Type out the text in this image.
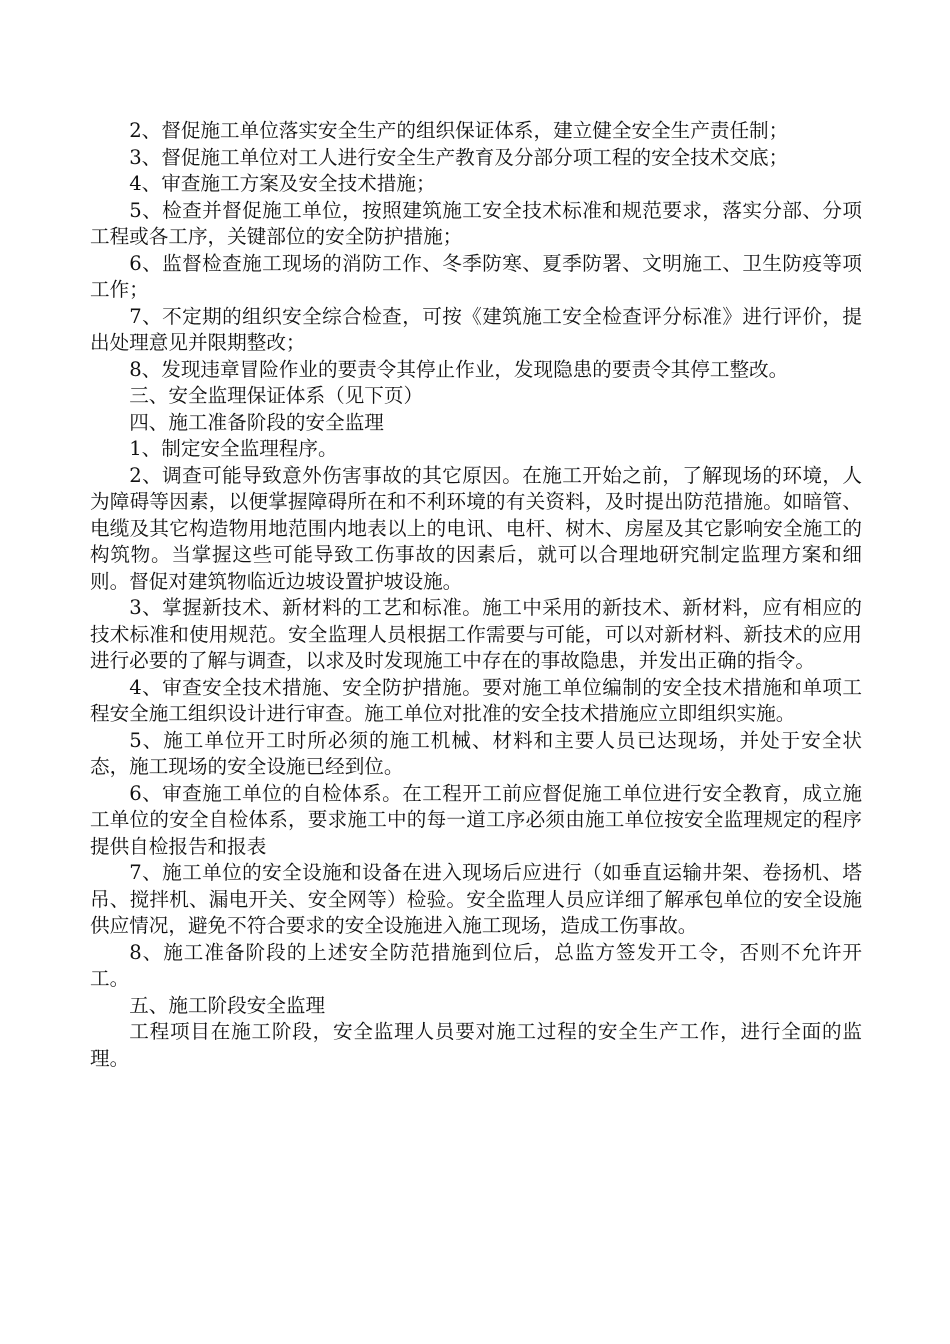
2、督促施工单位落实安全生产的组织保证体系，建立健全安全生产责任制；

3、督促施工单位对工人进行安全生产教育及分部分项工程的安全技术交底；

4、审查施工方案及安全技术措施；

5、检查并督促施工单位，按照建筑施工安全技术标准和规范要求，落实分部、分项工程或各工序，关键部位的安全防护措施；

6、监督检查施工现场的消防工作、冬季防寒、夏季防署、文明施工、卫生防疫等项工作；

7、不定期的组织安全综合检查，可按《建筑施工安全检查评分标准》进行评价，提出处理意见并限期整改；

8、发现违章冒险作业的要责令其停止作业，发现隐患的要责令其停工整改。

三、安全监理保证体系（见下页）

四、施工准备阶段的安全监理

1、制定安全监理程序。

2、调查可能导致意外伤害事故的其它原因。在施工开始之前，了解现场的环境，人为障碍等因素，以便掌握障碍所在和不利环境的有关资料，及时提出防范措施。如暗管、电缆及其它构造物用地范围内地表以上的电讯、电杆、树木、房屋及其它影响安全施工的构筑物。当掌握这些可能导致工伤事故的因素后，就可以合理地研究制定监理方案和细则。督促对建筑物临近边坡设置护坡设施。

3、掌握新技术、新材料的工艺和标准。施工中采用的新技术、新材料，应有相应的技术标准和使用规范。安全监理人员根据工作需要与可能，可以对新材料、新技术的应用进行必要的了解与调查，以求及时发现施工中存在的事故隐患，并发出正确的指令。

4、审查安全技术措施、安全防护措施。要对施工单位编制的安全技术措施和单项工程安全施工组织设计进行审查。施工单位对批准的安全技术措施应立即组织实施。

5、施工单位开工时所必须的施工机械、材料和主要人员已达现场，并处于安全状态，施工现场的安全设施已经到位。

6、审查施工单位的自检体系。在工程开工前应督促施工单位进行安全教育，成立施工单位的安全自检体系，要求施工中的每一道工序必须由施工单位按安全监理规定的程序提供自检报告和报表

7、施工单位的安全设施和设备在进入现场后应进行（如垂直运输井架、卷扬机、塔吊、搅拌机、漏电开关、安全网等）检验。安全监理人员应详细了解承包单位的安全设施供应情况，避免不符合要求的安全设施进入施工现场，造成工伤事故。

8、施工准备阶段的上述安全防范措施到位后，总监方签发开工令，否则不允许开工。

五、施工阶段安全监理

工程项目在施工阶段，安全监理人员要对施工过程的安全生产工作，进行全面的监理。
